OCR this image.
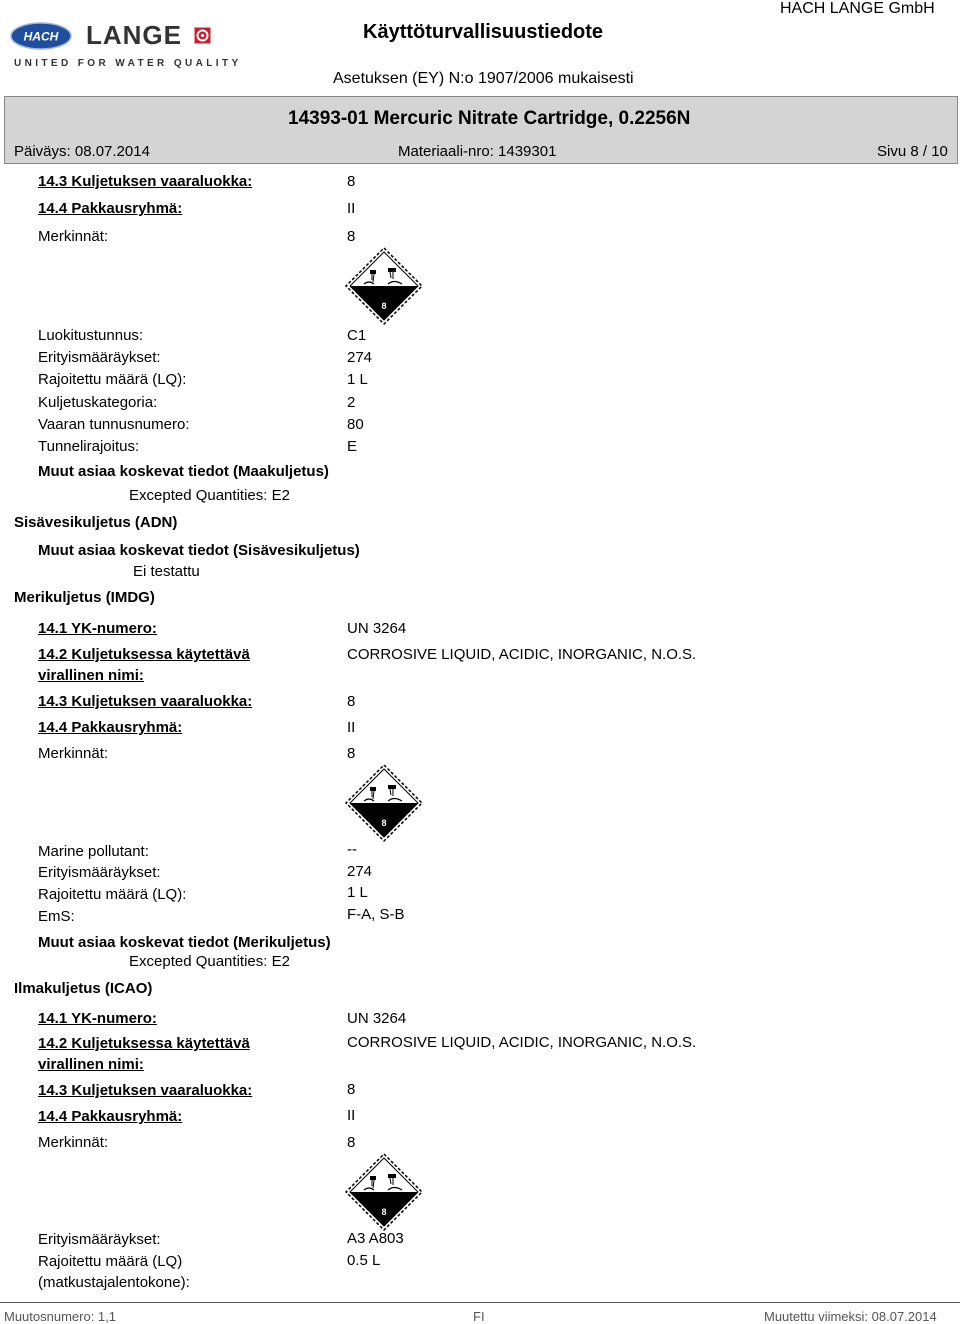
HACH LANGE
UNITED FOR WATER QUALITY
Käyttöturvallisuustiedote
HACH LANGE GmbH
Asetuksen (EY) N:o 1907/2006 mukaisesti
14393-01 Mercuric Nitrate Cartridge, 0.2256N
Päiväys: 08.07.2014	Materiaali-nro: 1439301	Sivu 8 / 10
14.3 Kuljetuksen vaaraluokka:	8
14.4 Pakkausryhmä:	II
Merkinnät:	8
8
Luokitustunnus:	C1
Erityismääräykset:	274
Rajoitettu määrä (LQ):	1 L
Kuljetuskategoria:	2
Vaaran tunnusnumero:	80
Tunnelirajoitus:	E
Muut asiaa koskevat tiedot (Maakuljetus)
Excepted Quantities: E2
Sisävesikuljetus (ADN)
Muut asiaa koskevat tiedot (Sisävesikuljetus)
Ei testattu
Merikuljetus (IMDG)
14.1 YK-numero:	UN 3264
14.2 Kuljetuksessa käytettävä
virallinen nimi:
CORROSIVE LIQUID, ACIDIC, INORGANIC, N.O.S.
14.3 Kuljetuksen vaaraluokka:	8
14.4 Pakkausryhmä:	II
Merkinnät:	8
8
Marine pollutant:	--
Erityismääräykset:	274
Rajoitettu määrä (LQ):	1 L
EmS:	F-A, S-B
Muut asiaa koskevat tiedot (Merikuljetus)
Excepted Quantities: E2
Ilmakuljetus (ICAO)
14.1 YK-numero:	UN 3264
14.2 Kuljetuksessa käytettävä
virallinen nimi:
CORROSIVE LIQUID, ACIDIC, INORGANIC, N.O.S.
14.3 Kuljetuksen vaaraluokka:	8
14.4 Pakkausryhmä:	II
Merkinnät:	8
8
Erityismääräykset:	A3 A803
Rajoitettu määrä (LQ)
(matkustajalentokone):
0.5 L
Muutosnumero: 1,1	FI	Muutettu viimeksi: 08.07.2014
